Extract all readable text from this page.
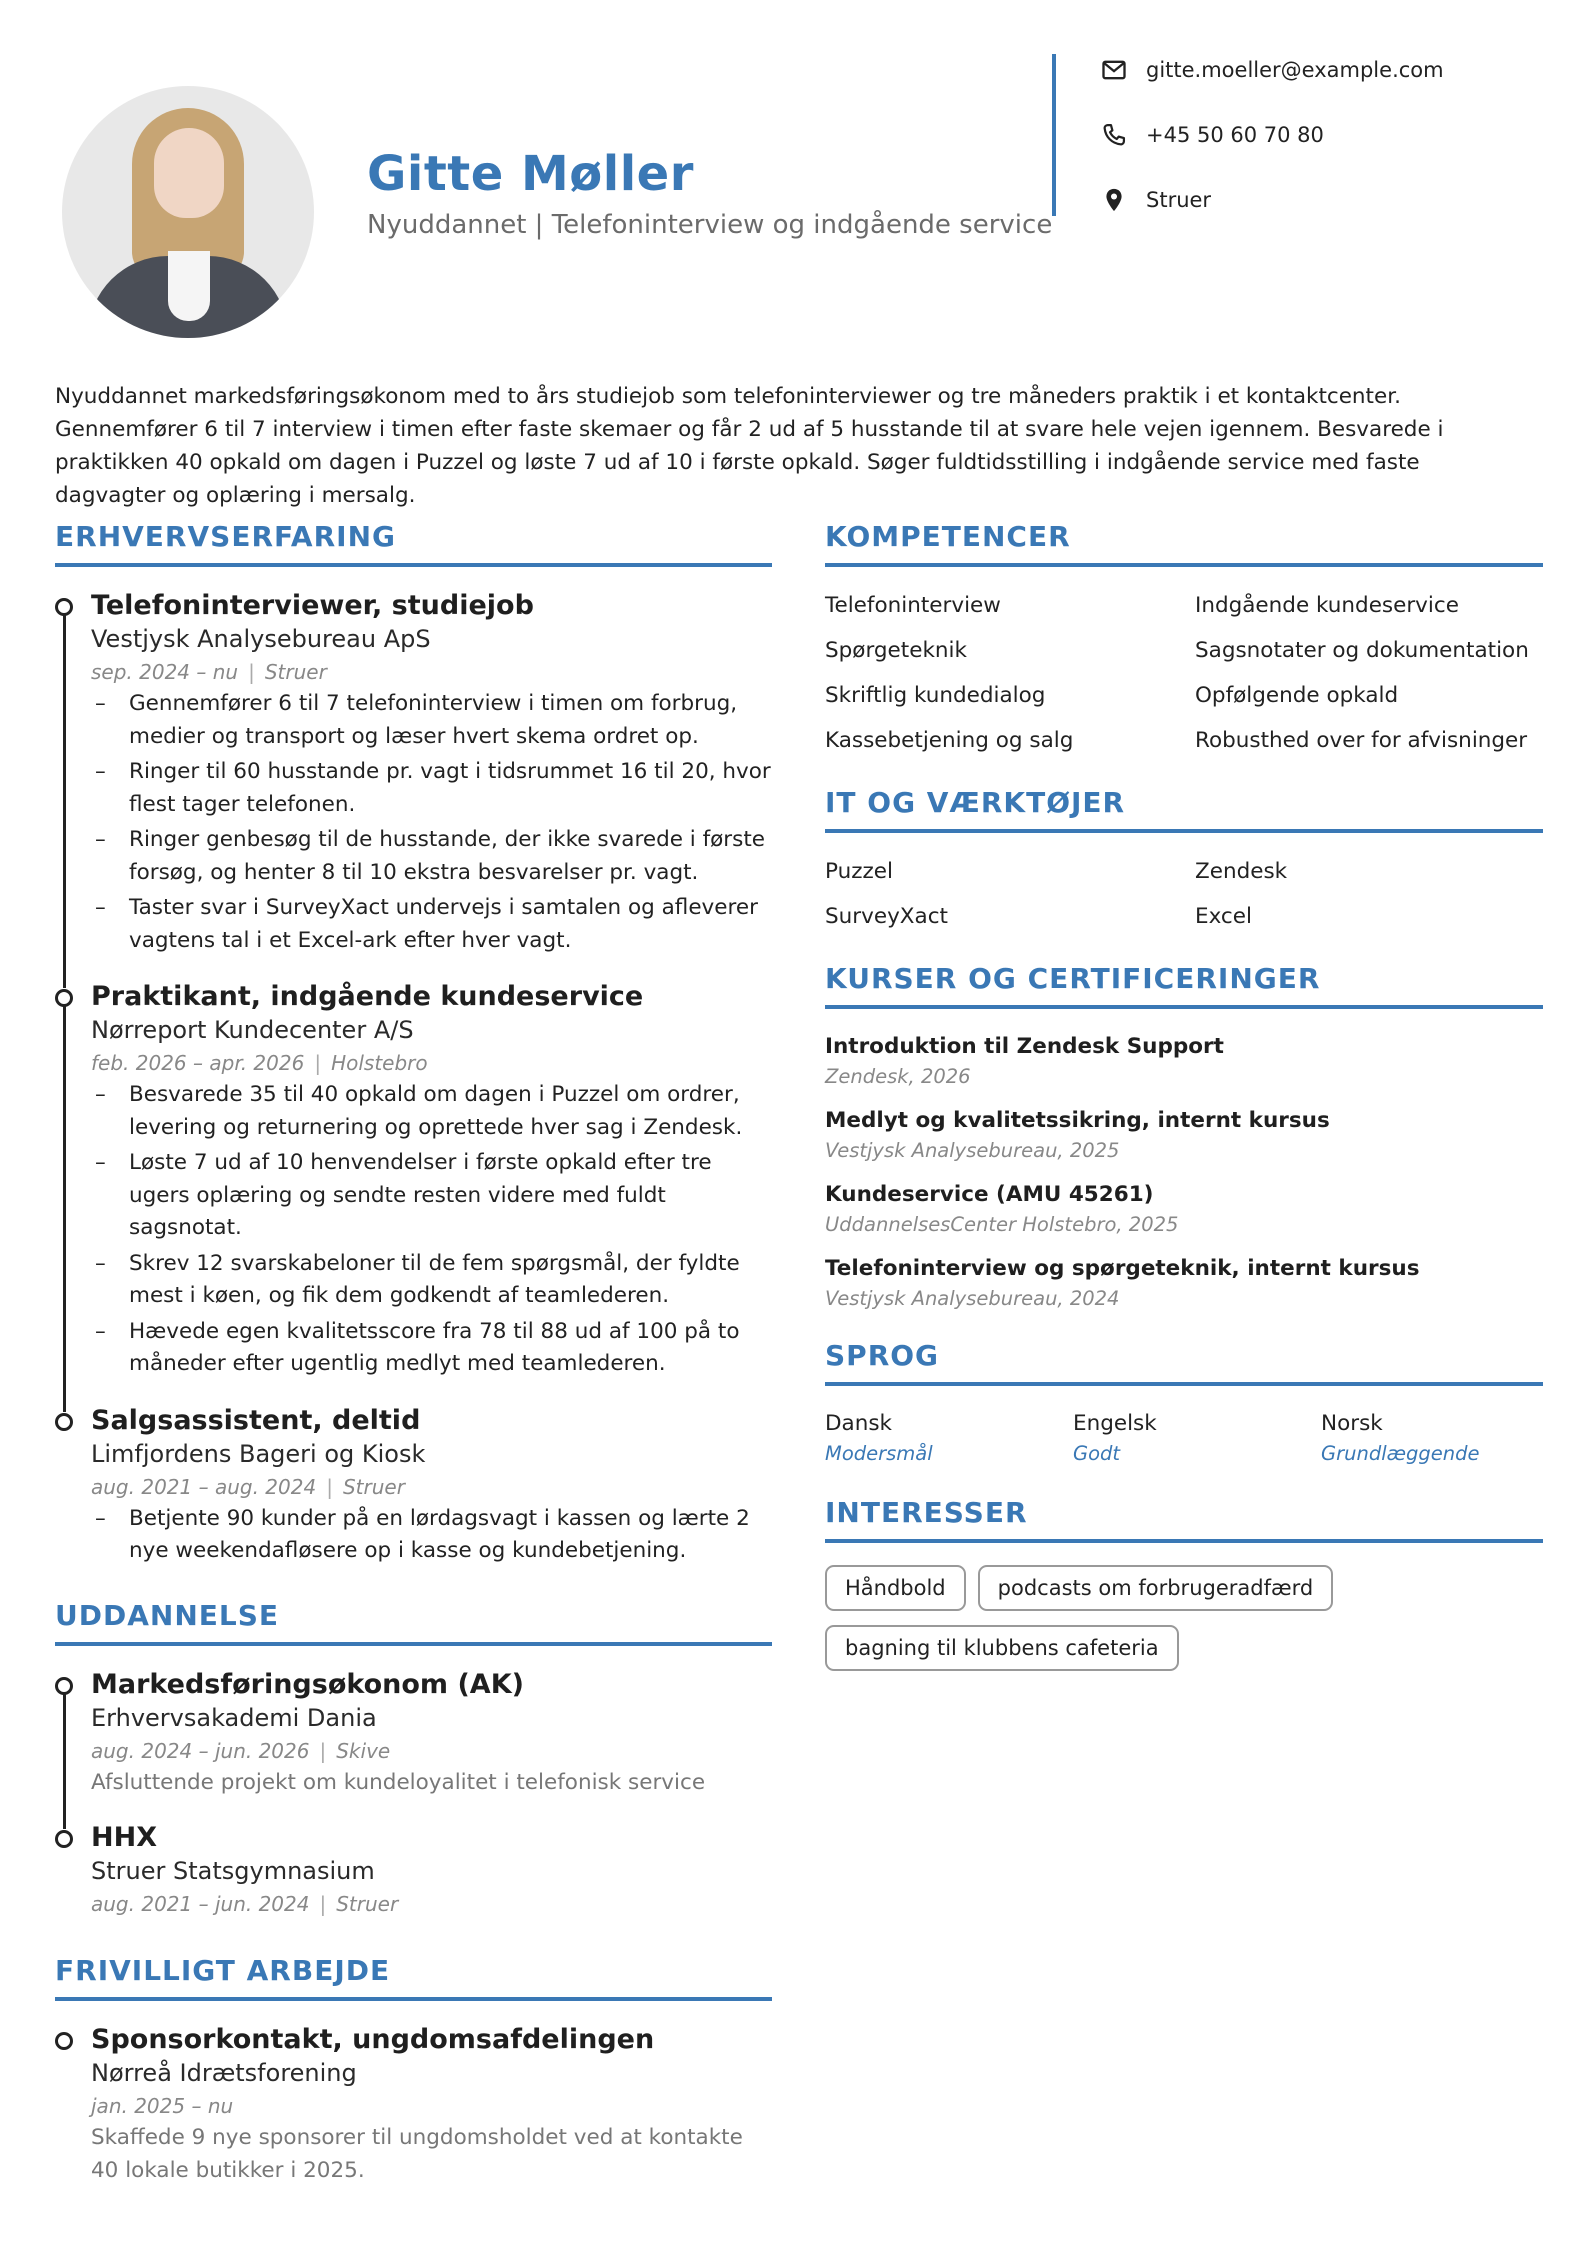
Gitte Møller
Nyuddannet | Telefoninterview og indgående service
gitte.moeller@example.com
+45 50 60 70 80
Struer
Nyuddannet markedsføringsøkonom med to års studiejob som telefoninterviewer og tre måneders praktik i et kontaktcenter. Gennemfører 6 til 7 interview i timen efter faste skemaer og får 2 ud af 5 husstande til at svare hele vejen igennem. Besvarede i praktikken 40 opkald om dagen i Puzzel og løste 7 ud af 10 i første opkald. Søger fuldtidsstilling i indgående service med faste dagvagter og oplæring i mersalg.
ERHVERVSERFARING
Telefoninterviewer, studiejob
Vestjysk Analysebureau ApS
sep. 2024 – nu | Struer
– Gennemfører 6 til 7 telefoninterview i timen om forbrug, medier og transport og læser hvert skema ordret op.
– Ringer til 60 husstande pr. vagt i tidsrummet 16 til 20, hvor flest tager telefonen.
– Ringer genbesøg til de husstande, der ikke svarede i første forsøg, og henter 8 til 10 ekstra besvarelser pr. vagt.
– Taster svar i SurveyXact undervejs i samtalen og afleverer vagtens tal i et Excel-ark efter hver vagt.
Praktikant, indgående kundeservice
Nørreport Kundecenter A/S
feb. 2026 – apr. 2026 | Holstebro
– Besvarede 35 til 40 opkald om dagen i Puzzel om ordrer, levering og returnering og oprettede hver sag i Zendesk.
– Løste 7 ud af 10 henvendelser i første opkald efter tre ugers oplæring og sendte resten videre med fuldt sagsnotat.
– Skrev 12 svarskabeloner til de fem spørgsmål, der fyldte mest i køen, og fik dem godkendt af teamlederen.
– Hævede egen kvalitetsscore fra 78 til 88 ud af 100 på to måneder efter ugentlig medlyt med teamlederen.
Salgsassistent, deltid
Limfjordens Bageri og Kiosk
aug. 2021 – aug. 2024 | Struer
– Betjente 90 kunder på en lørdagsvagt i kassen og lærte 2 nye weekendafløsere op i kasse og kundebetjening.
UDDANNELSE
Markedsføringsøkonom (AK)
Erhvervsakademi Dania
aug. 2024 – jun. 2026 | Skive
Afsluttende projekt om kundeloyalitet i telefonisk service
HHX
Struer Statsgymnasium
aug. 2021 – jun. 2024 | Struer
FRIVILLIGT ARBEJDE
Sponsorkontakt, ungdomsafdelingen
Nørreå Idrætsforening
jan. 2025 – nu
Skaffede 9 nye sponsorer til ungdomsholdet ved at kontakte 40 lokale butikker i 2025.
KOMPETENCER
Telefoninterview	Indgående kundeservice
Spørgeteknik	Sagsnotater og dokumentation
Skriftlig kundedialog	Opfølgende opkald
Kassebetjening og salg	Robusthed over for afvisninger
IT OG VÆRKTØJER
Puzzel	Zendesk
SurveyXact	Excel
KURSER OG CERTIFICERINGER
Introduktion til Zendesk Support
Zendesk, 2026
Medlyt og kvalitetssikring, internt kursus
Vestjysk Analysebureau, 2025
Kundeservice (AMU 45261)
UddannelsesCenter Holstebro, 2025
Telefoninterview og spørgeteknik, internt kursus
Vestjysk Analysebureau, 2024
SPROG
Dansk
Modersmål
Engelsk
Godt
Norsk
Grundlæggende
INTERESSER
Håndbold	podcasts om forbrugeradfærd
bagning til klubbens cafeteria
